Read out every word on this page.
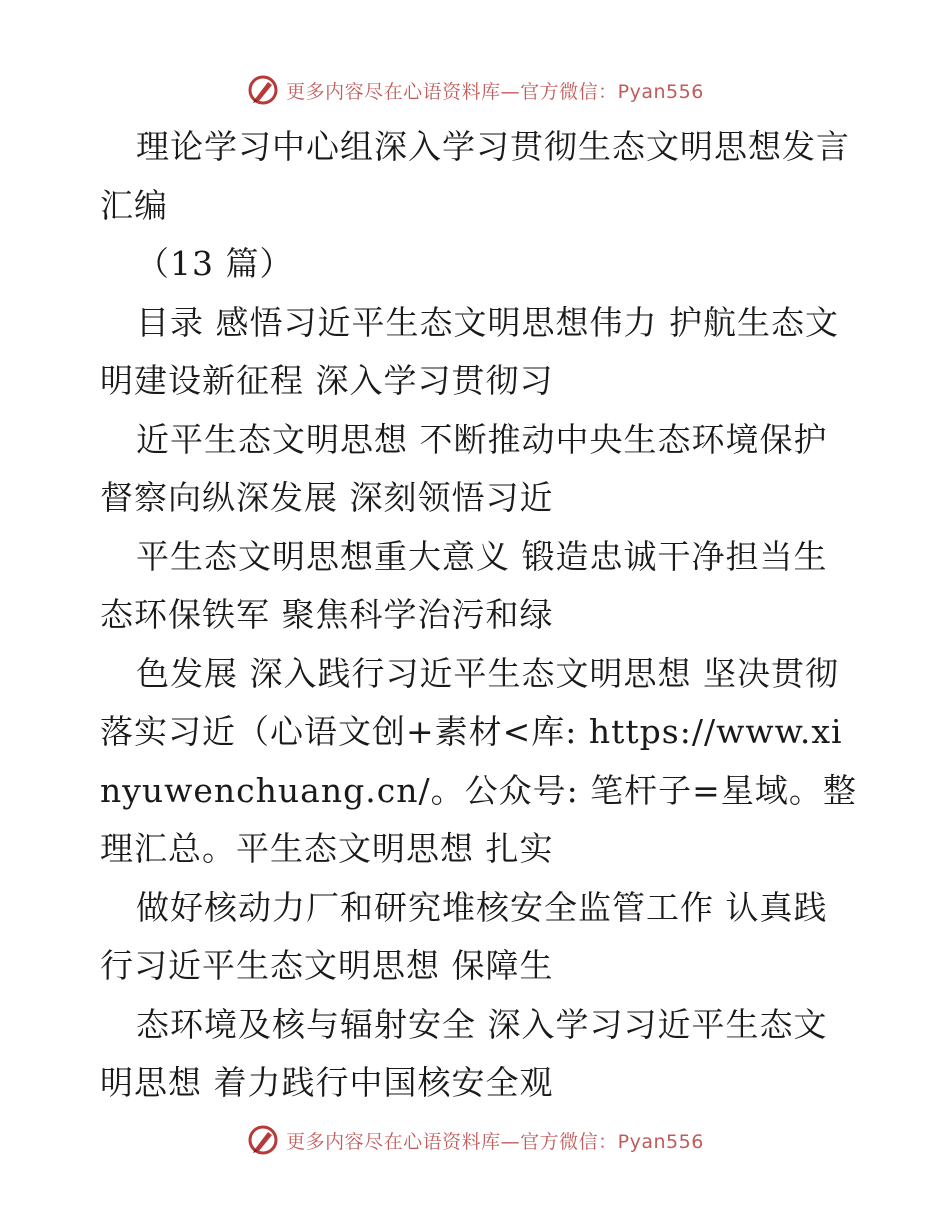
更多内容尽在心语资料库—官方微信：Pyan556

理论学习中心组深入学习贯彻生态文明思想发言汇编

（13 篇）

目录 感悟习近平生态文明思想伟力 护航生态文明建设新征程 深入学习贯彻习

近平生态文明思想 不断推动中央生态环境保护督察向纵深发展 深刻领悟习近

平生态文明思想重大意义 锻造忠诚干净担当生态环保铁军 聚焦科学治污和绿

色发展 深入践行习近平生态文明思想 坚决贯彻落实习近（心语文创+素材<库: https://www.xinyuwenchuang.cn/。公众号: 笔杆子=星域。整理汇总。平生态文明思想 扎实

做好核动力厂和研究堆核安全监管工作 认真践行习近平生态文明思想 保障生

态环境及核与辐射安全 深入学习习近平生态文明思想 着力践行中国核安全观

更多内容尽在心语资料库—官方微信：Pyan556
